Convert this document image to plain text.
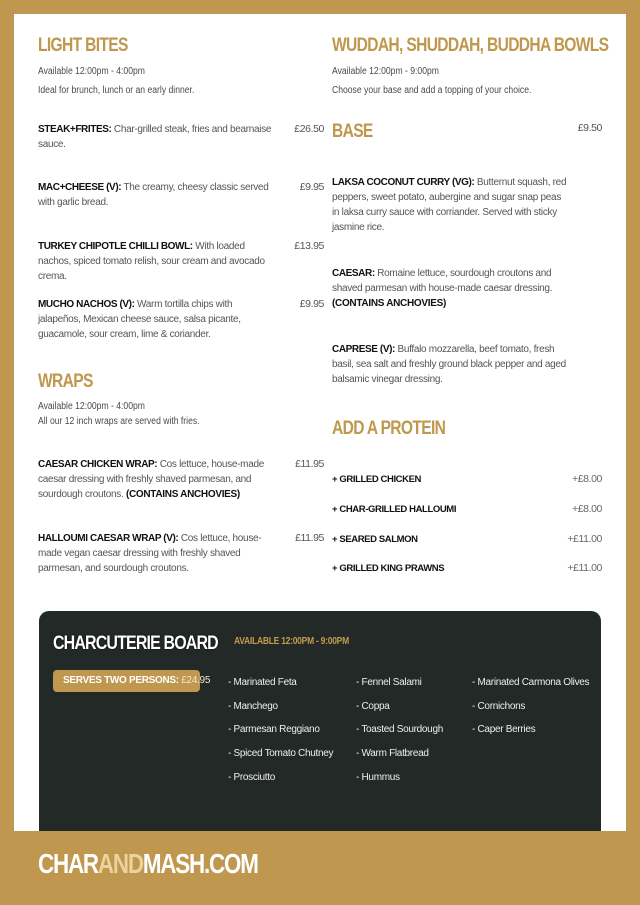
LIGHT BITES
Available 12:00pm - 4:00pm
Ideal for brunch, lunch or an early dinner.
STEAK+FRITES: Char-grilled steak, fries and bearnaise sauce.
£26.50
MAC+CHEESE (V): The creamy, cheesy classic served with garlic bread.
£9.95
TURKEY CHIPOTLE CHILLI BOWL: With loaded nachos, spiced tomato relish, sour cream and avocado crema.
£13.95
MUCHO NACHOS (V): Warm tortilla chips with jalapeños, Mexican cheese sauce, salsa picante, guacamole, sour cream, lime & coriander.
£9.95
WRAPS
Available 12:00pm - 4:00pm
All our 12 inch wraps are served with fries.
CAESAR CHICKEN WRAP: Cos lettuce, house-made caesar dressing with freshly shaved parmesan, and sourdough croutons. (CONTAINS ANCHOVIES)
£11.95
HALLOUMI CAESAR WRAP (V): Cos lettuce, house-made vegan caesar dressing with freshly shaved parmesan, and sourdough croutons.
£11.95
WUDDAH, SHUDDAH, BUDDHA BOWLS
Available 12:00pm - 9:00pm
Choose your base and add a topping of your choice.
BASE	£9.50
LAKSA COCONUT CURRY (VG): Butternut squash, red peppers, sweet potato, aubergine and sugar snap peas in laksa curry sauce with corriander. Served with sticky jasmine rice.
CAESAR: Romaine lettuce, sourdough croutons and shaved parmesan with house-made caesar dressing.
(CONTAINS ANCHOVIES)
CAPRESE (V): Buffalo mozzarella, beef tomato, fresh basil, sea salt and freshly ground black pepper and aged balsamic vinegar dressing.
ADD A PROTEIN
+ GRILLED CHICKEN	+£8.00
+ CHAR-GRILLED HALLOUMI	+£8.00
+ SEARED SALMON	+£11.00
+ GRILLED KING PRAWNS	+£11.00
CHARCUTERIE BOARD AVAILABLE 12:00PM - 9:00PM
SERVES TWO PERSONS: £24.95 - Marinated Feta
- Manchego
- Parmesan Reggiano
- Spiced Tomato Chutney
- Prosciutto
- Fennel Salami
- Coppa
- Toasted Sourdough
- Warm Flatbread
- Hummus
- Marinated Carmona Olives
- Cornichons
- Caper Berries
CHARANDMASH.COM
